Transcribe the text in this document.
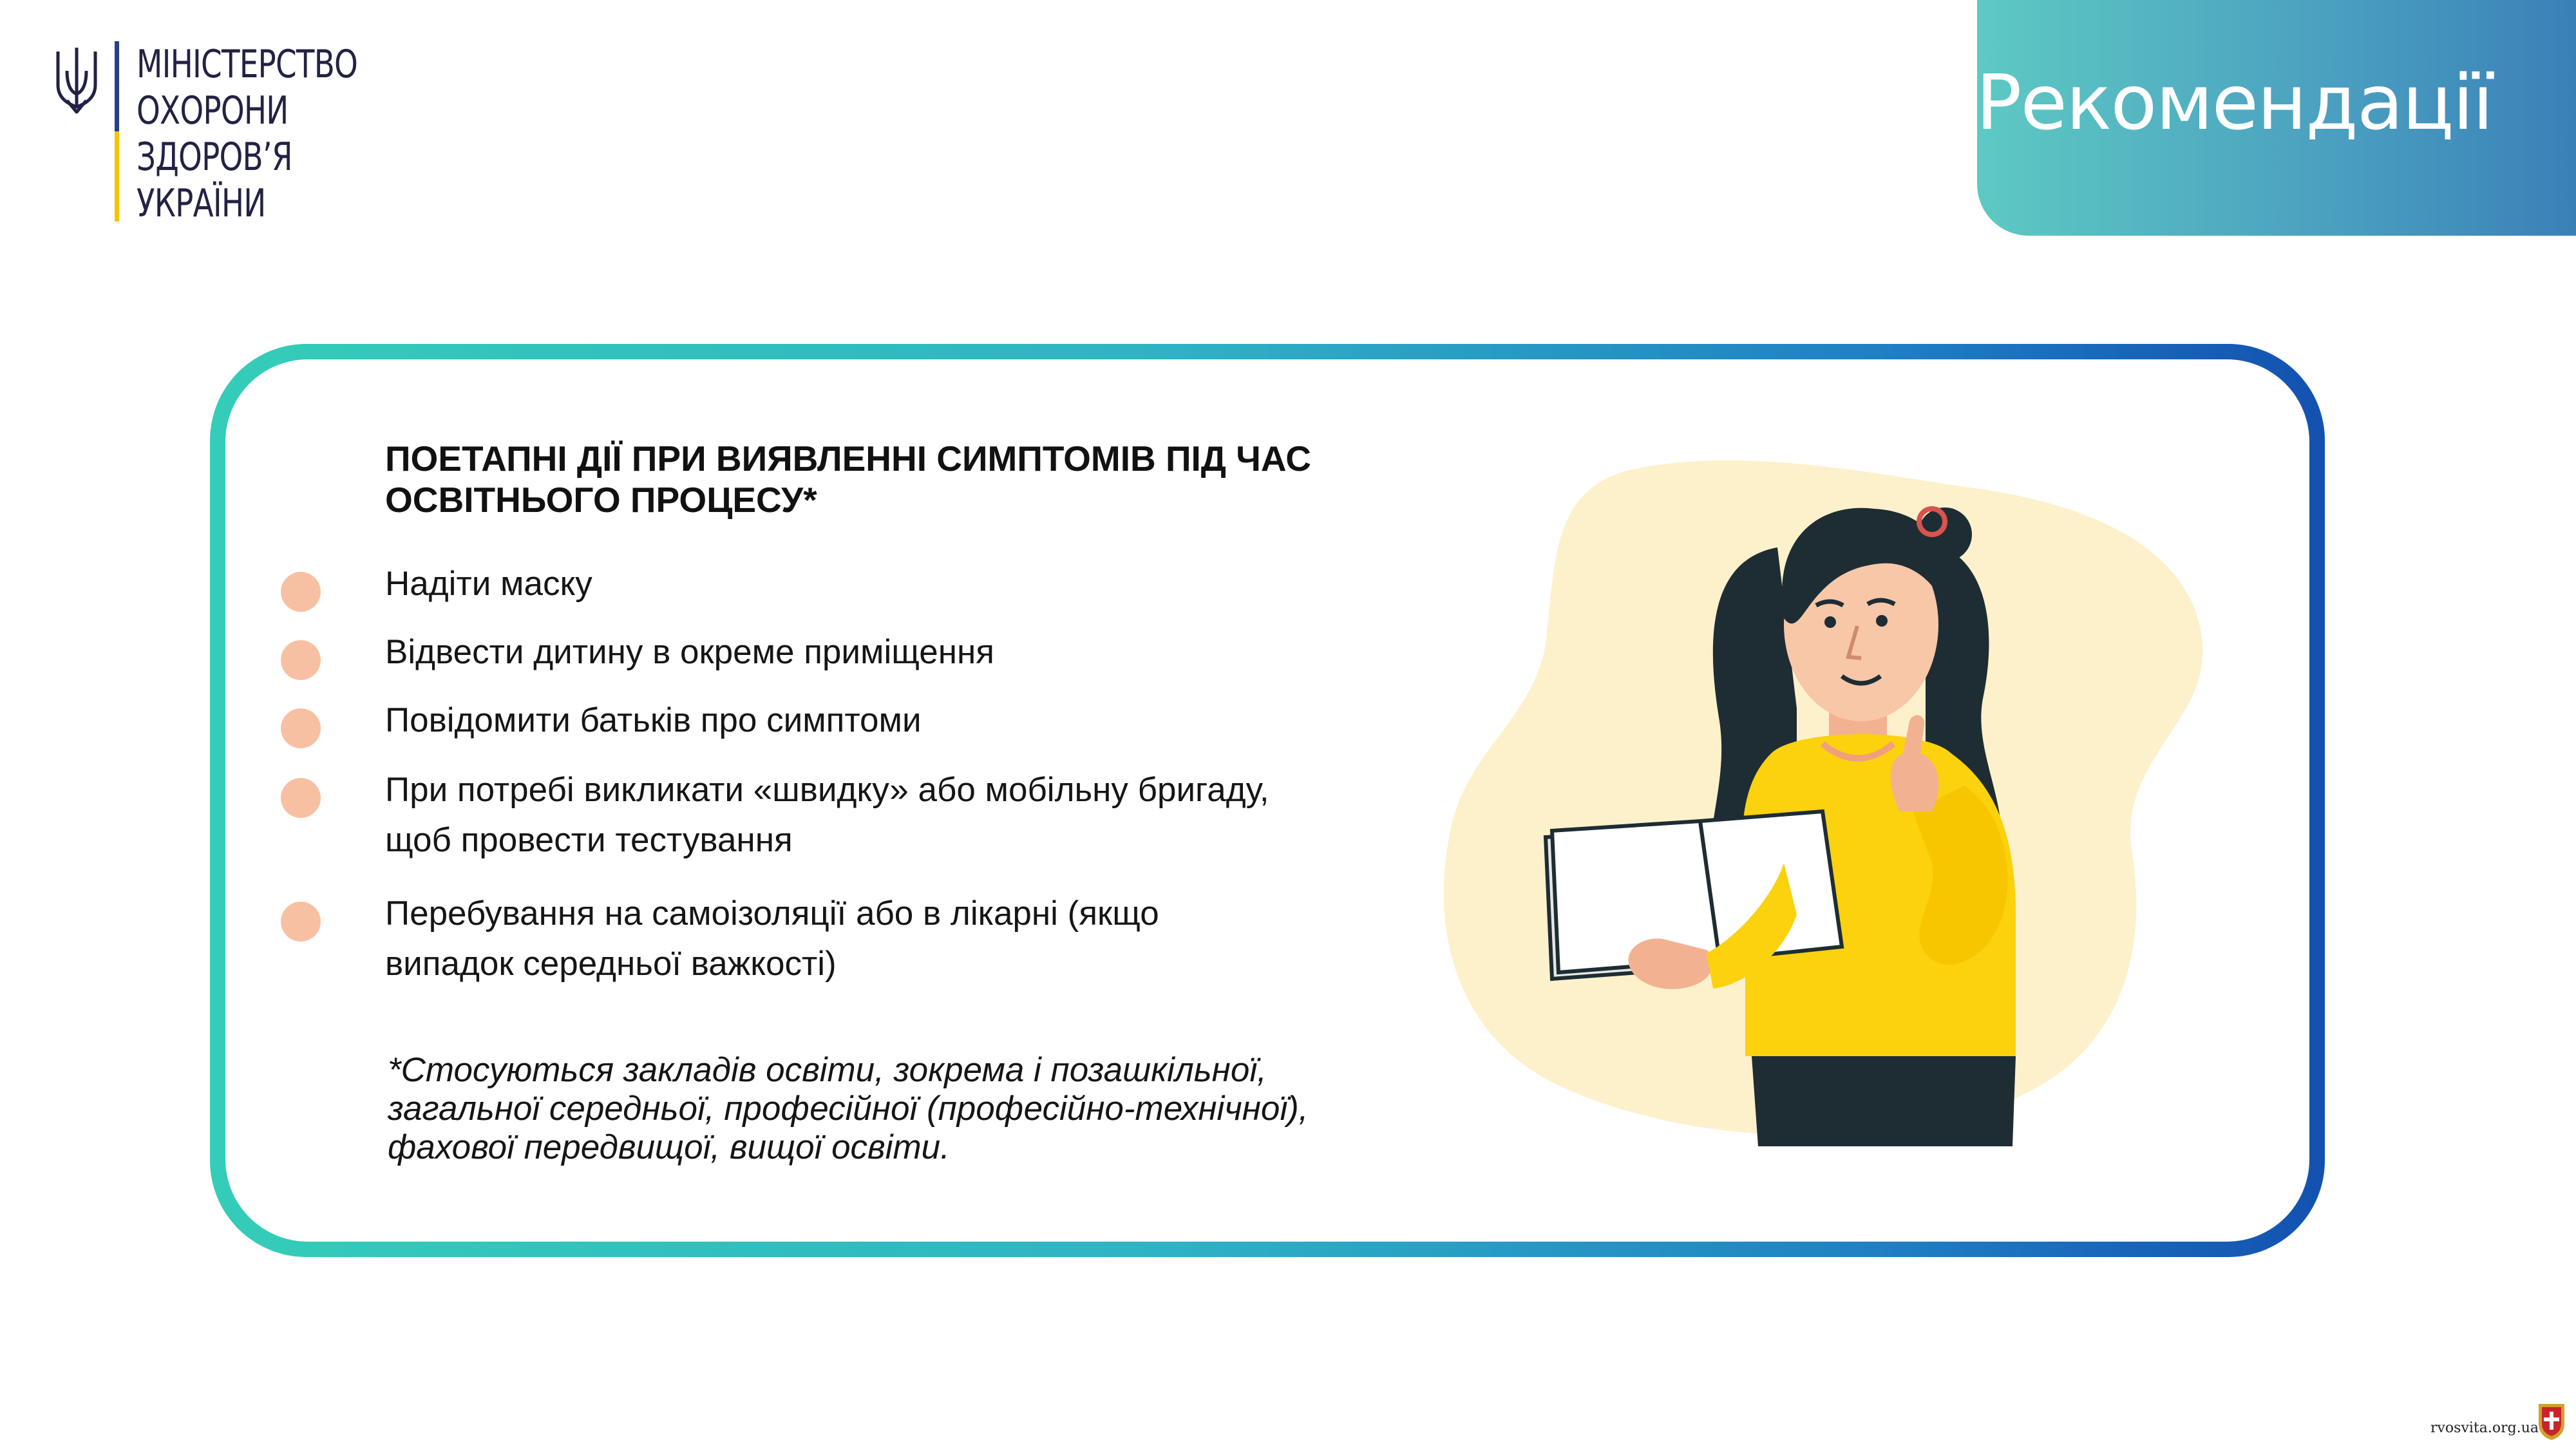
МІНІСТЕРСТВО
ОХОРОНИ
ЗДОРОВ’Я
УКРАЇНИ

Рекомендації
ПОЕТАПНІ ДІЇ ПРИ ВИЯВЛЕННІ СИМПТОМІВ ПІД ЧАС
ОСВІТНЬОГО ПРОЦЕСУ*
Надіти маску
Відвести дитину в окреме приміщення
Повідомити батьків про симптоми
При потребі викликати «швидку» або мобільну бригаду, щоб провести тестування
Перебування на самоізоляції або в лікарні (якщо випадок середньої важкості)

*Стосуються закладів освіти, зокрема і позашкільної, загальної середньої, професійної (професійно-технічної), фахової передвищої, вищої освіти.

rvosvita.org.ua
